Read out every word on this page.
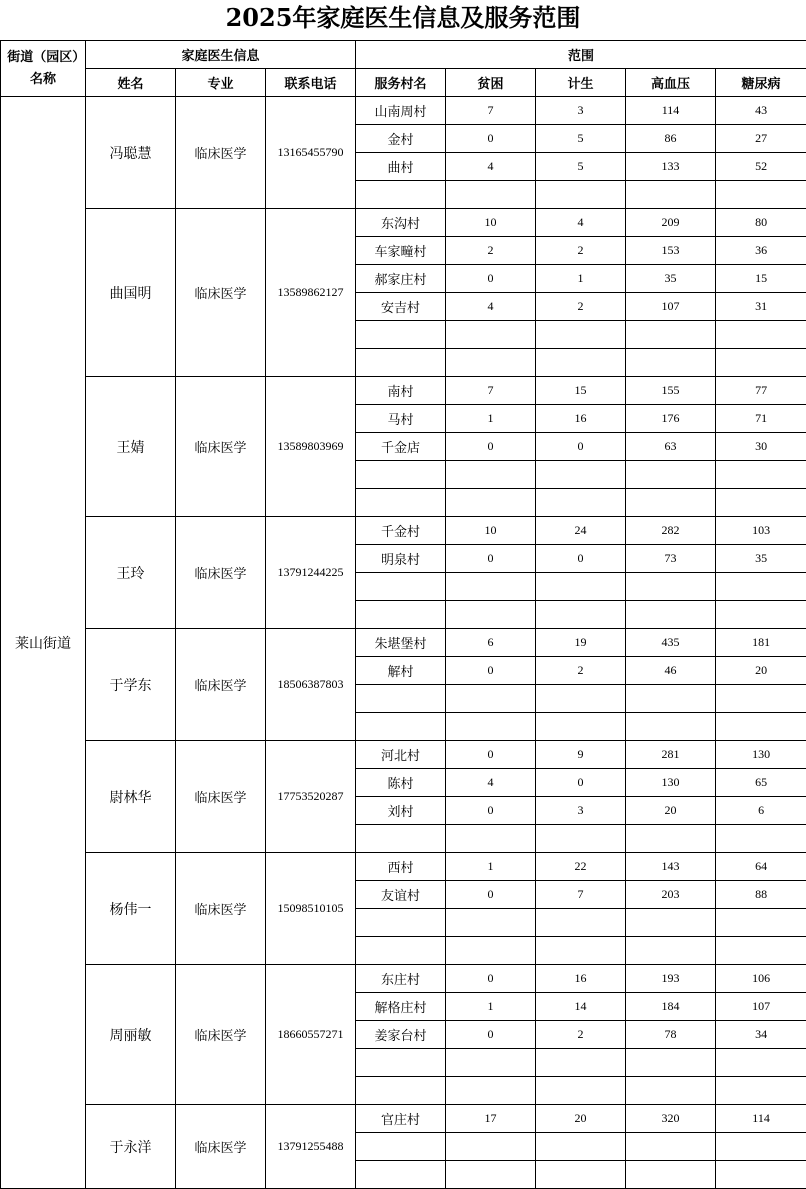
2025年家庭医生信息及服务范围
街道（园区）名称	家庭医生信息			范围				
	姓名	专业	联系电话	服务村名	贫困	计生	高血压	糖尿病
莱山街道	冯聪慧	临床医学	13165455790	山南周村	7	3	114	43
				金村	0	5	86	27
				曲村	4	5	133	52

	曲国明	临床医学	13589862127	东沟村	10	4	209	80
				车家疃村	2	2	153	36
				郝家庄村	0	1	35	15
				安吉村	4	2	107	31

	王婧	临床医学	13589803969	南村	7	15	155	77
				马村	1	16	176	71
				千金店	0	0	63	30

	王玲	临床医学	13791244225	千金村	10	24	282	103
				明泉村	0	0	73	35

	于学东	临床医学	18506387803	朱堪堡村	6	19	435	181
				解村	0	2	46	20

	尉林华	临床医学	17753520287	河北村	0	9	281	130
				陈村	4	0	130	65
				刘村	0	3	20	6

	杨伟一	临床医学	15098510105	西村	1	22	143	64
				友谊村	0	7	203	88

	周丽敏	临床医学	18660557271	东庄村	0	16	193	106
				解格庄村	1	14	184	107
				姜家台村	0	2	78	34

	于永洋	临床医学	13791255488	官庄村	17	20	320	114
